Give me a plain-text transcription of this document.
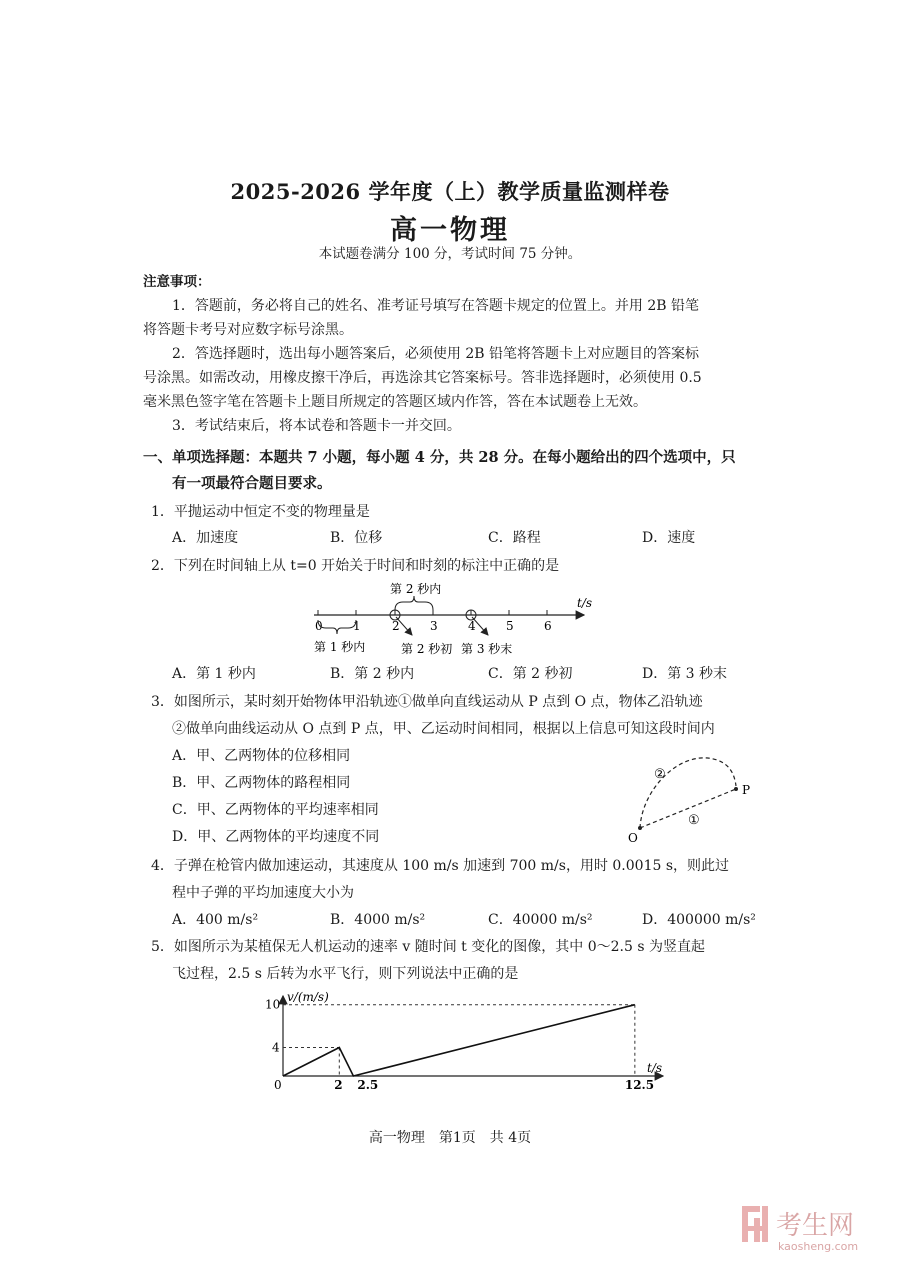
2025-2026 学年度（上）教学质量监测样卷
高一物理
本试题卷满分 100 分，考试时间 75 分钟。
注意事项：
1．答题前，务必将自己的姓名、准考证号填写在答题卡规定的位置上。并用 2B 铅笔
将答题卡考号对应数字标号涂黑。
2．答选择题时，选出每小题答案后，必须使用 2B 铅笔将答题卡上对应题目的答案标
号涂黑。如需改动，用橡皮擦干净后，再选涂其它答案标号。答非选择题时，必须使用 0.5
毫米黑色签字笔在答题卡上题目所规定的答题区域内作答，答在本试题卷上无效。
3．考试结束后，将本试卷和答题卡一并交回。
一、单项选择题：本题共 7 小题，每小题 4 分，共 28 分。在每小题给出的四个选项中，只
有一项最符合题目要求。
1．平抛运动中恒定不变的物理量是
A．加速度	B．位移	C．路程	D．速度
2．下列在时间轴上从 t=0 开始关于时间和时刻的标注中正确的是
0	1	2	3	4	5	6
t/s
第 2 秒内
第 1 秒内	第 2 秒初 第 3 秒末
A．第 1 秒内	B．第 2 秒内	C．第 2 秒初	D．第 3 秒末
3．如图所示，某时刻开始物体甲沿轨迹①做单向直线运动从 P 点到 O 点，物体乙沿轨迹
②做单向曲线运动从 O 点到 P 点，甲、乙运动时间相同，根据以上信息可知这段时间内
A．甲、乙两物体的位移相同
B．甲、乙两物体的路程相同
C．甲、乙两物体的平均速率相同
D．甲、乙两物体的平均速度不同	O
P
①
②
4．子弹在枪管内做加速运动，其速度从 100 m/s 加速到 700 m/s，用时 0.0015 s，则此过
程中子弹的平均加速度大小为
A．400 m/s²	B．4000 m/s²	C．40000 m/s²	D．400000 m/s²
5．如图所示为某植保无人机运动的速率 v 随时间 t 变化的图像，其中 0～2.5 s 为竖直起
飞过程，2.5 s 后转为水平飞行，则下列说法中正确的是
v/(m/s)
t/s
0	2 2.5	12.5
4
10
高一物理　第1页　共 4页
考生网
kaosheng.com
